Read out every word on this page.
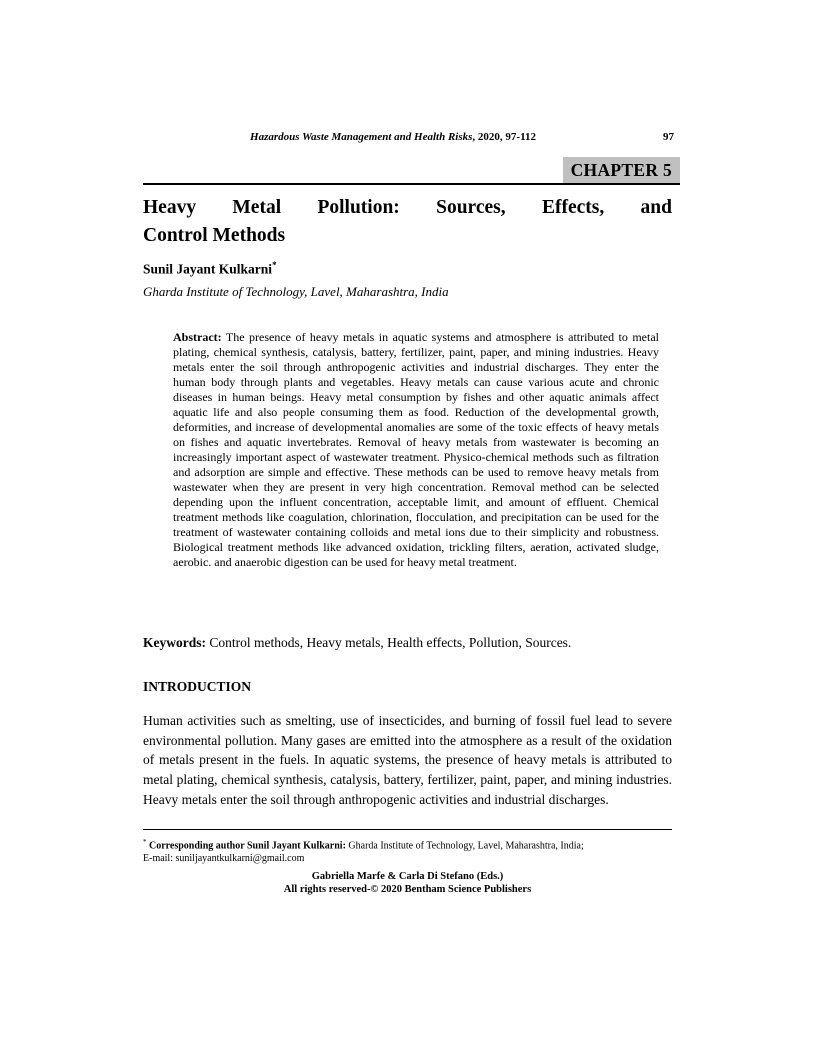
Hazardous Waste Management and Health Risks, 2020, 97-112	97
CHAPTER 5
Heavy Metal Pollution: Sources, Effects, and
Control Methods
Sunil Jayant Kulkarni*
Gharda Institute of Technology, Lavel, Maharashtra, India
Abstract: The presence of heavy metals in aquatic systems and atmosphere is attributed to metal plating, chemical synthesis, catalysis, battery, fertilizer, paint, paper, and mining industries. Heavy metals enter the soil through anthropogenic activities and industrial discharges. They enter the human body through plants and vegetables. Heavy metals can cause various acute and chronic diseases in human beings. Heavy metal consumption by fishes and other aquatic animals affect aquatic life and also people consuming them as food. Reduction of the developmental growth, deformities, and increase of developmental anomalies are some of the toxic effects of heavy metals on fishes and aquatic invertebrates. Removal of heavy metals from wastewater is becoming an increasingly important aspect of wastewater treatment. Physico-chemical methods such as filtration and adsorption are simple and effective. These methods can be used to remove heavy metals from wastewater when they are present in very high concentration. Removal method can be selected depending upon the influent concentration, acceptable limit, and amount of effluent. Chemical treatment methods like coagulation, chlorination, flocculation, and precipitation can be used for the treatment of wastewater containing colloids and metal ions due to their simplicity and robustness. Biological treatment methods like advanced oxidation, trickling filters, aeration, activated sludge, aerobic. and anaerobic digestion can be used for heavy metal treatment.
Keywords: Control methods, Heavy metals, Health effects, Pollution, Sources.
INTRODUCTION
Human activities such as smelting, use of insecticides, and burning of fossil fuel lead to severe environmental pollution. Many gases are emitted into the atmosphere as a result of the oxidation of metals present in the fuels. In aquatic systems, the presence of heavy metals is attributed to metal plating, chemical synthesis, catalysis, battery, fertilizer, paint, paper, and mining industries. Heavy metals enter the soil through anthropogenic activities and industrial discharges.
* Corresponding author Sunil Jayant Kulkarni: Gharda Institute of Technology, Lavel, Maharashtra, India;
E-mail: suniljayantkulkarni@gmail.com
Gabriella Marfe & Carla Di Stefano (Eds.)
All rights reserved-© 2020 Bentham Science Publishers
